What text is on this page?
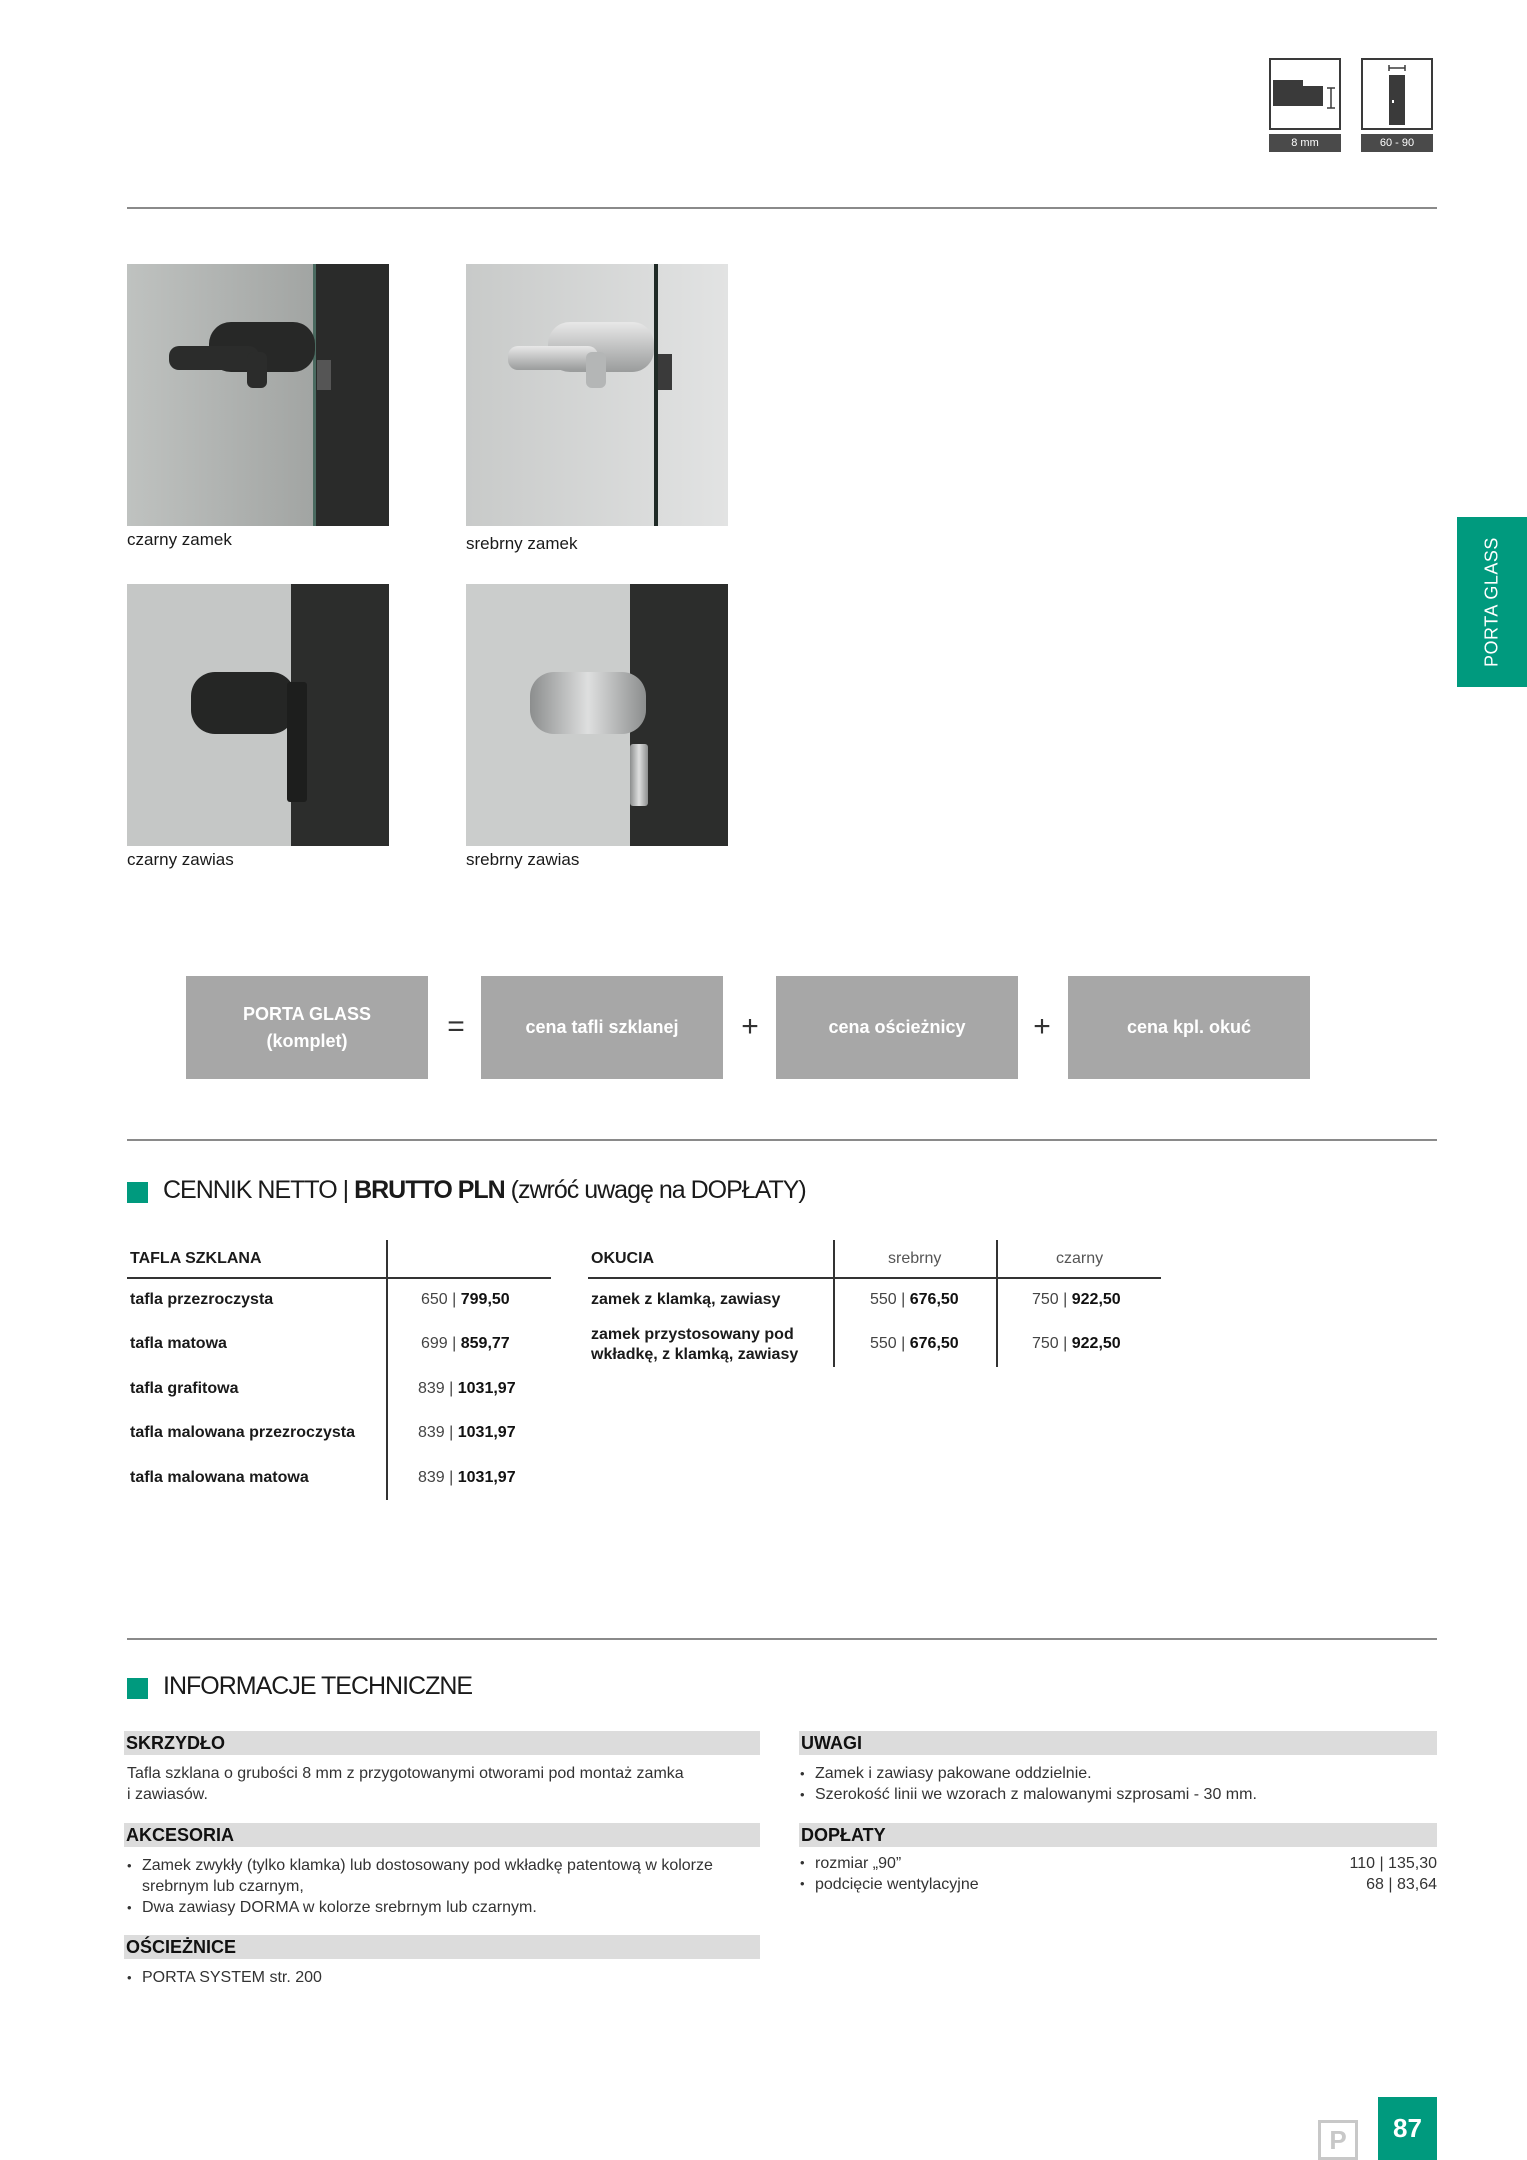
8 mm	60 - 90
czarny zamek	srebrny zamek
czarny zawias	srebrny zawias
PORTA GLASS
PORTA GLASS
(komplet)	=	cena tafli szklanej +	cena ościeżnicy +	cena kpl. okuć
CENNIK NETTO | BRUTTO PLN (zwróć uwagę na DOPŁATY)
TAFLA SZKLANA
tafla przezroczysta	650 | 799,50
tafla matowa	699 | 859,77
tafla grafitowa	839 | 1031,97
tafla malowana przezroczysta	839 | 1031,97
tafla malowana matowa	839 | 1031,97
OKUCIA	srebrny	czarny
zamek z klamką, zawiasy	550 | 676,50	750 | 922,50
zamek przystosowany pod
wkładkę, z klamką, zawiasy
550 | 676,50	750 | 922,50
INFORMACJE TECHNICZNE
SKRZYDŁO
Tafla szklana o grubości 8 mm z przygotowanymi otworami pod montaż zamka
i zawiasów.
AKCESORIA
• Zamek zwykły (tylko klamka) lub dostosowany pod wkładkę patentową w kolorze
srebrnym lub czarnym,
• Dwa zawiasy DORMA w kolorze srebrnym lub czarnym.
OŚCIEŻNICE
• PORTA SYSTEM str. 200
UWAGI
• Zamek i zawiasy pakowane oddzielnie.
• Szerokość linii we wzorach z malowanymi szprosami - 30 mm.
DOPŁATY
• rozmiar „90”	110 | 135,30
• podcięcie wentylacyjne	68 | 83,64
P	87
